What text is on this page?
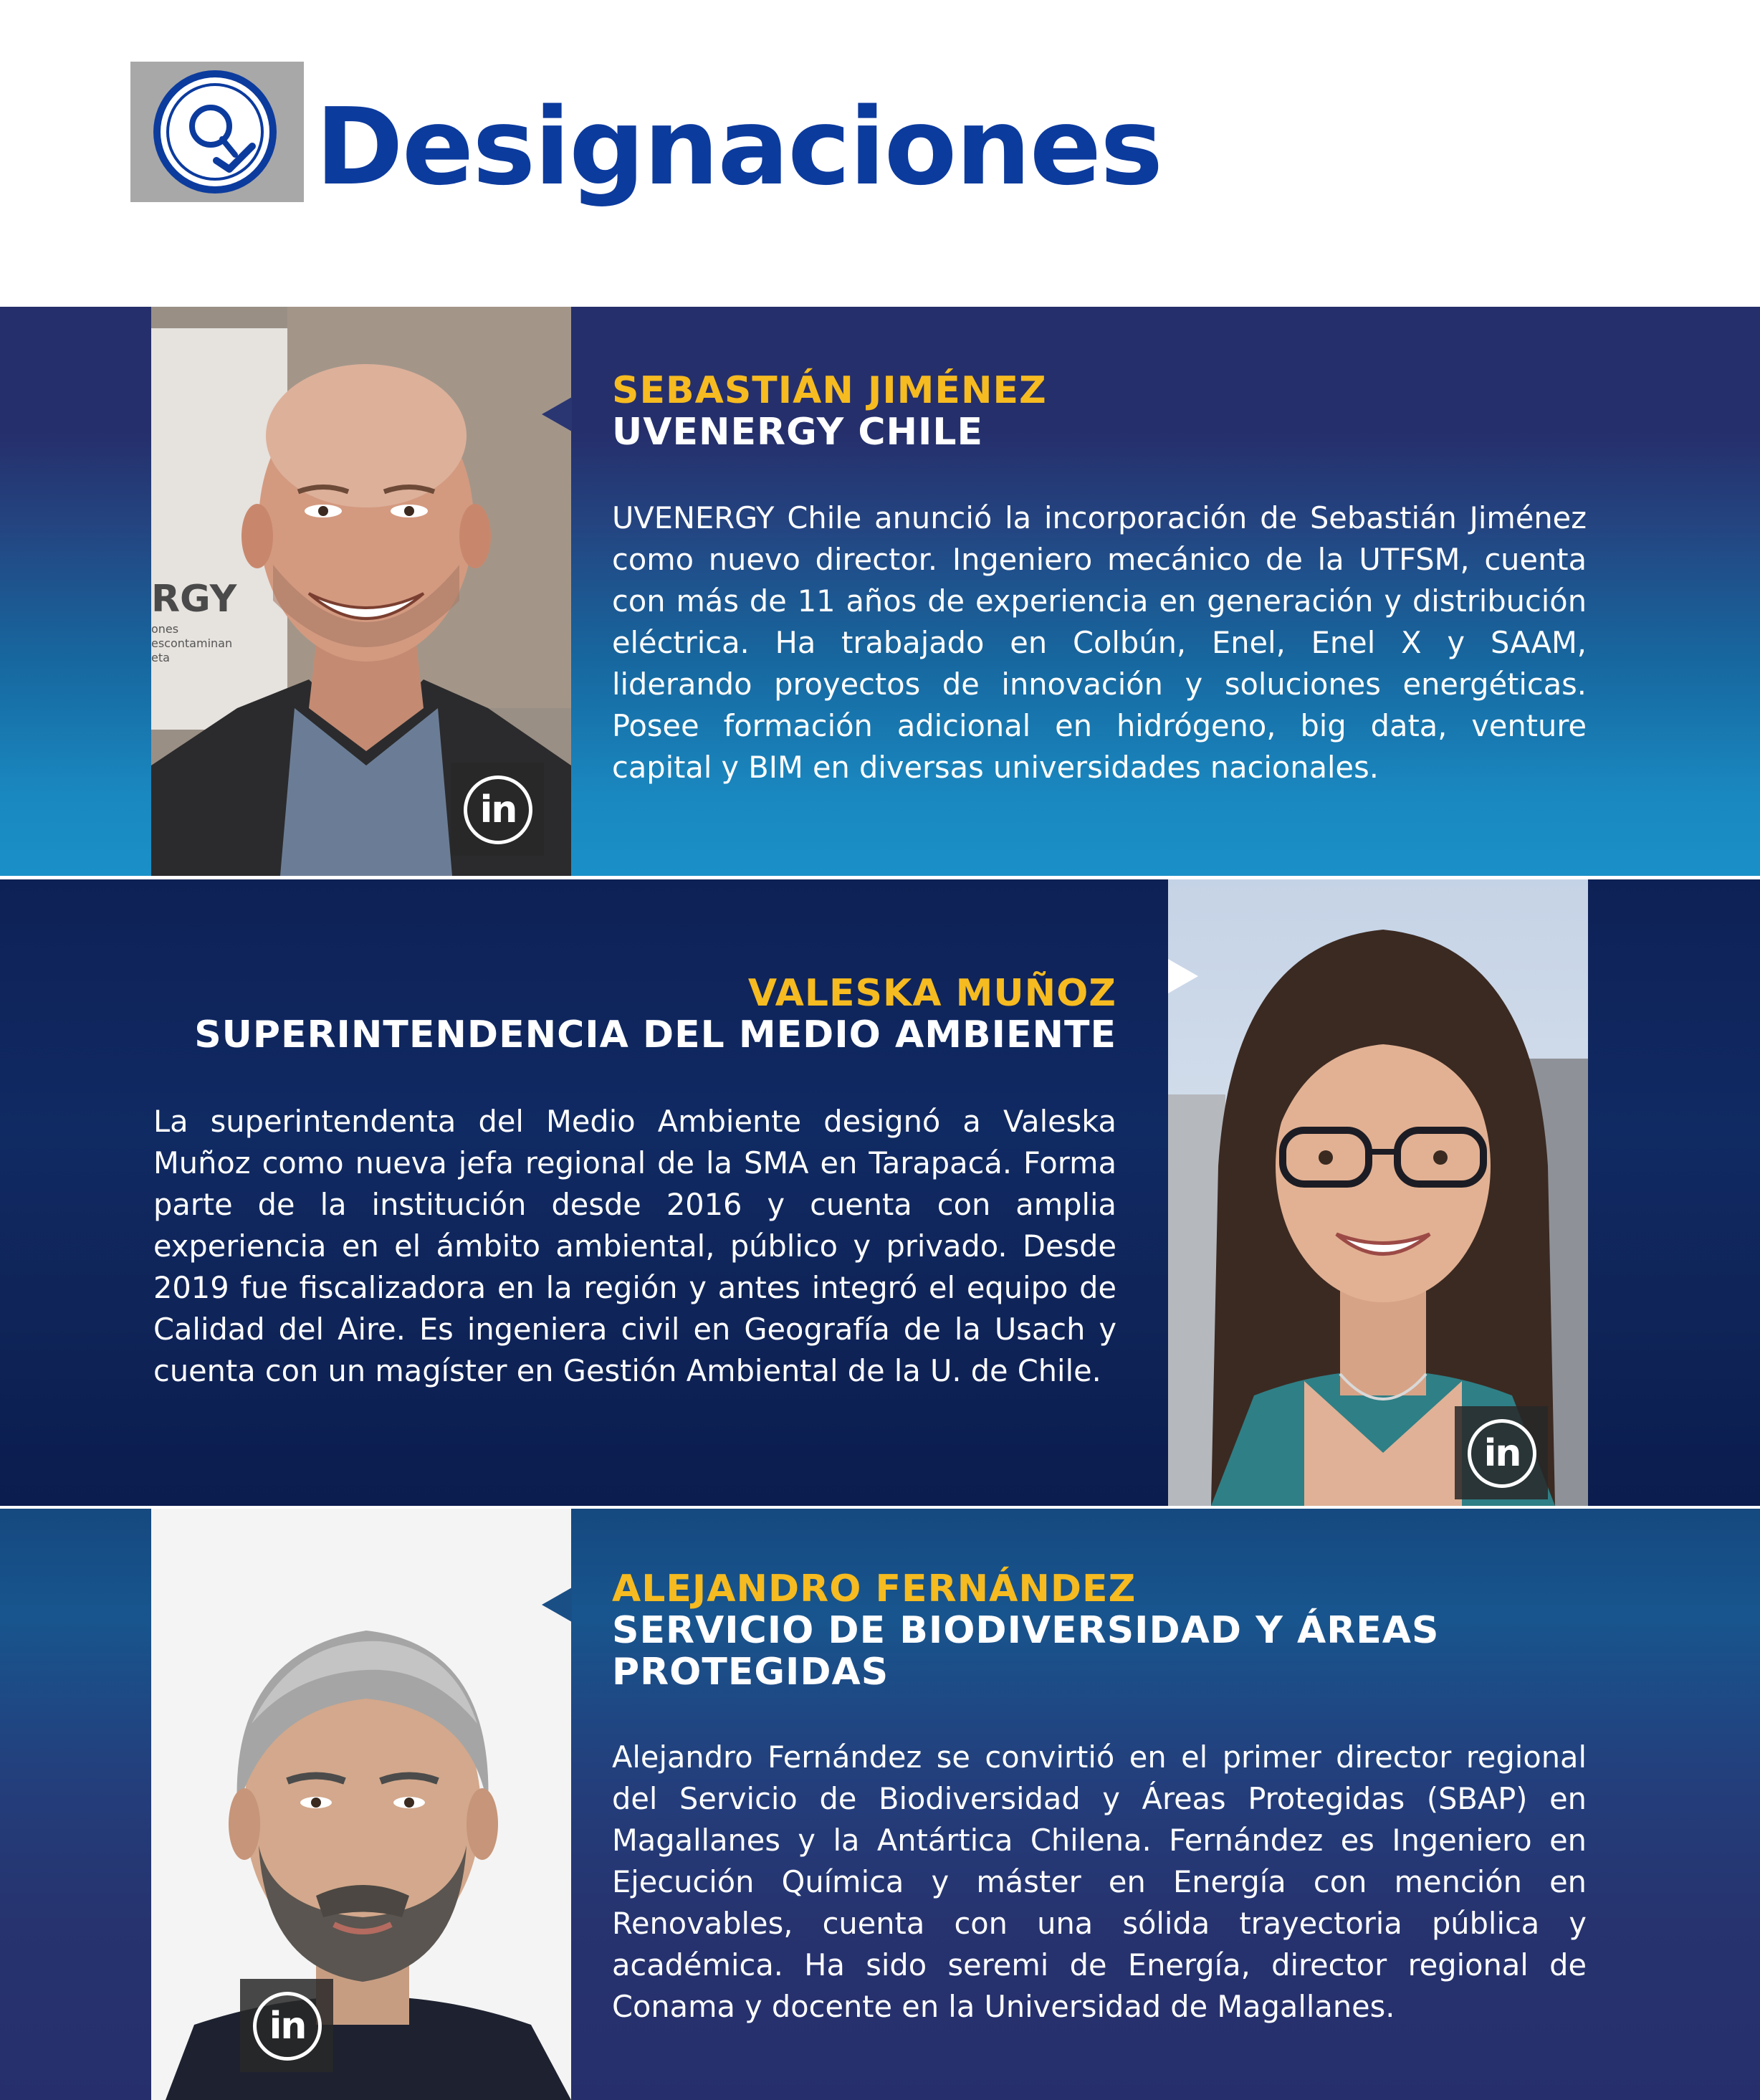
Designaciones
RGY
ones
escontaminan
eta
in

SEBASTIÁN JIMÉNEZ

UVENERGY CHILE

UVENERGY Chile anunció la incorporación de Sebastián Jiménez como nuevo director. Ingeniero mecánico de la UTFSM, cuenta con más de 11 años de experiencia en generación y distribución eléctrica. Ha trabajado en Colbún, Enel, Enel X y SAAM, liderando proyectos de innovación y soluciones energéticas. Posee formación adicional en hidrógeno, big data, venture capital y BIM en diversas universidades nacionales.

in

VALESKA MUÑOZ

SUPERINTENDENCIA DEL MEDIO AMBIENTE

La superintendenta del Medio Ambiente designó a Valeska Muñoz como nueva jefa regional de la SMA en Tarapacá. Forma parte de la institución desde 2016 y cuenta con amplia experiencia en el ámbito ambiental, público y privado. Desde 2019 fue fiscalizadora en la región y antes integró el equipo de Calidad del Aire. Es ingeniera civil en Geografía de la Usach y cuenta con un magíster en Gestión Ambiental de la U. de Chile.

in

ALEJANDRO FERNÁNDEZ

SERVICIO DE BIODIVERSIDAD Y ÁREAS PROTEGIDAS

Alejandro Fernández se convirtió en el primer director regional del Servicio de Biodiversidad y Áreas Protegidas (SBAP) en Magallanes y la Antártica Chilena. Fernández es Ingeniero en Ejecución Química y máster en Energía con mención en Renovables, cuenta con una sólida trayectoria pública y académica. Ha sido seremi de Energía, director regional de Conama y docente en la Universidad de Magallanes.
